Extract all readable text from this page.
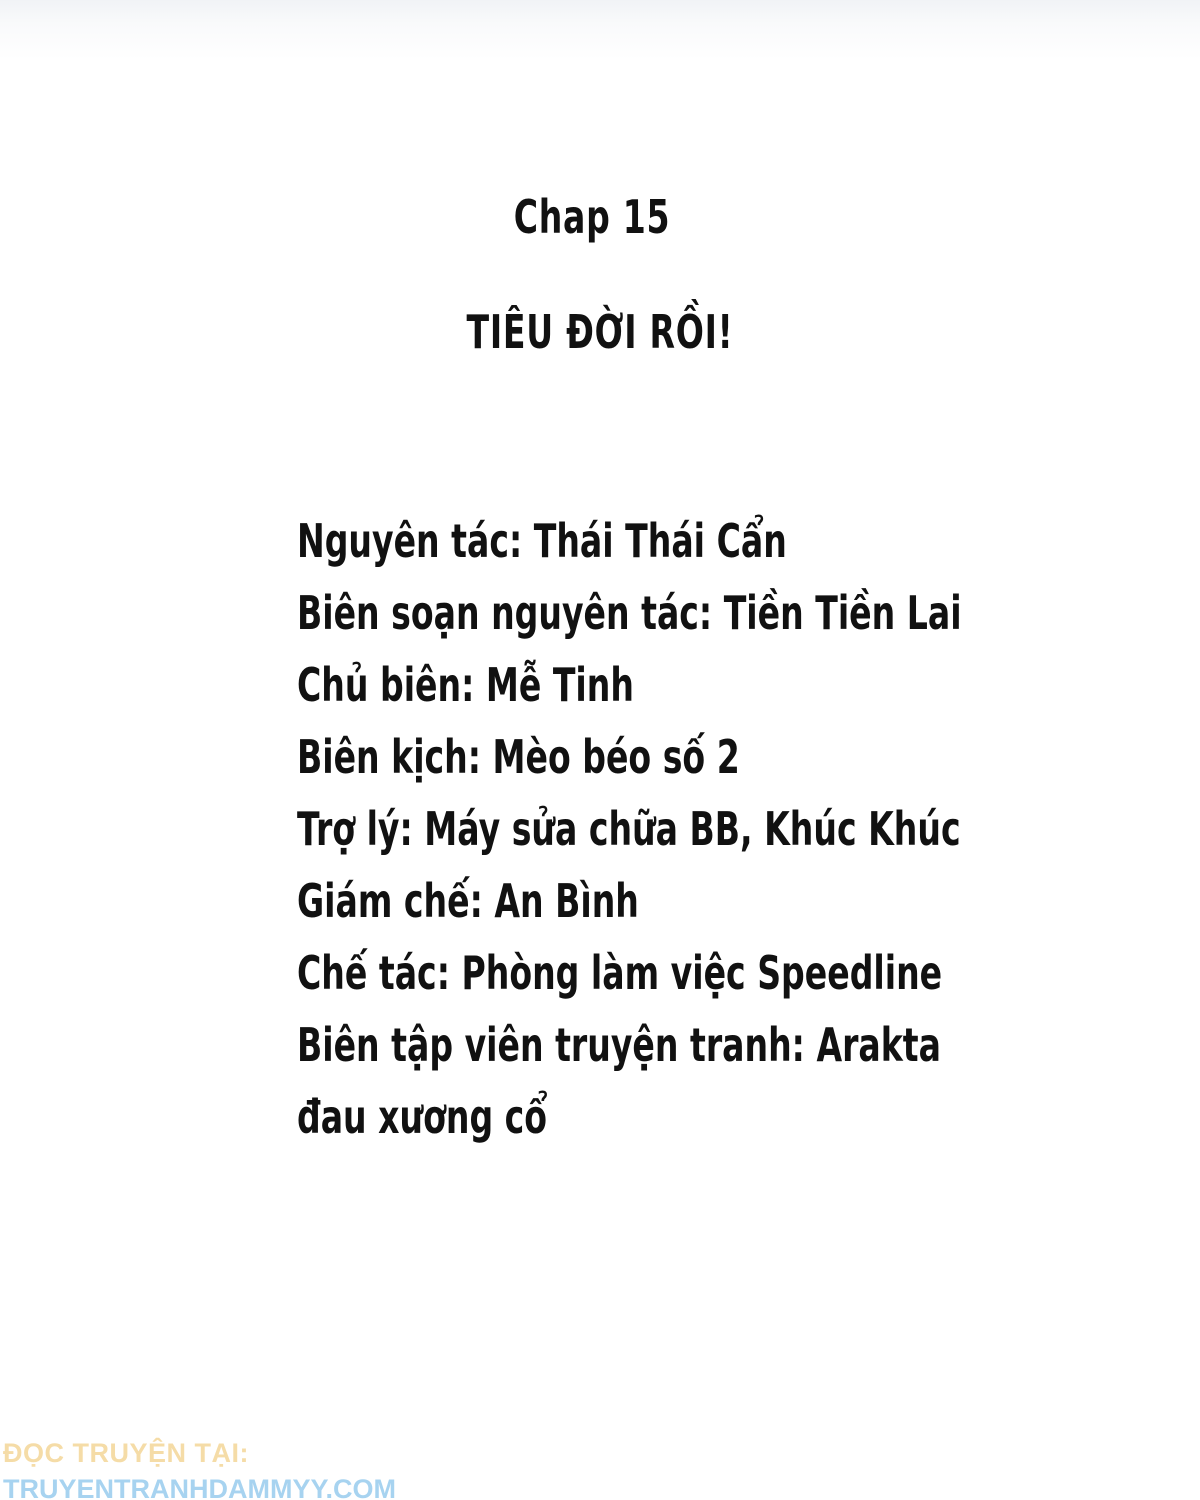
Chap 15
TIÊU ĐỜI RỒI!
Nguyên tác: Thái Thái Cẩn
Biên soạn nguyên tác: Tiền Tiền Lai
Chủ biên: Mễ Tinh
Biên kịch: Mèo béo số 2
Trợ lý: Máy sửa chữa BB, Khúc Khúc
Giám chế: An Bình
Chế tác: Phòng làm việc Speedline
Biên tập viên truyện tranh: Arakta
đau xương cổ
ĐỌC TRUYỆN TẠI:
TRUYENTRANHDAMMYY.COM
